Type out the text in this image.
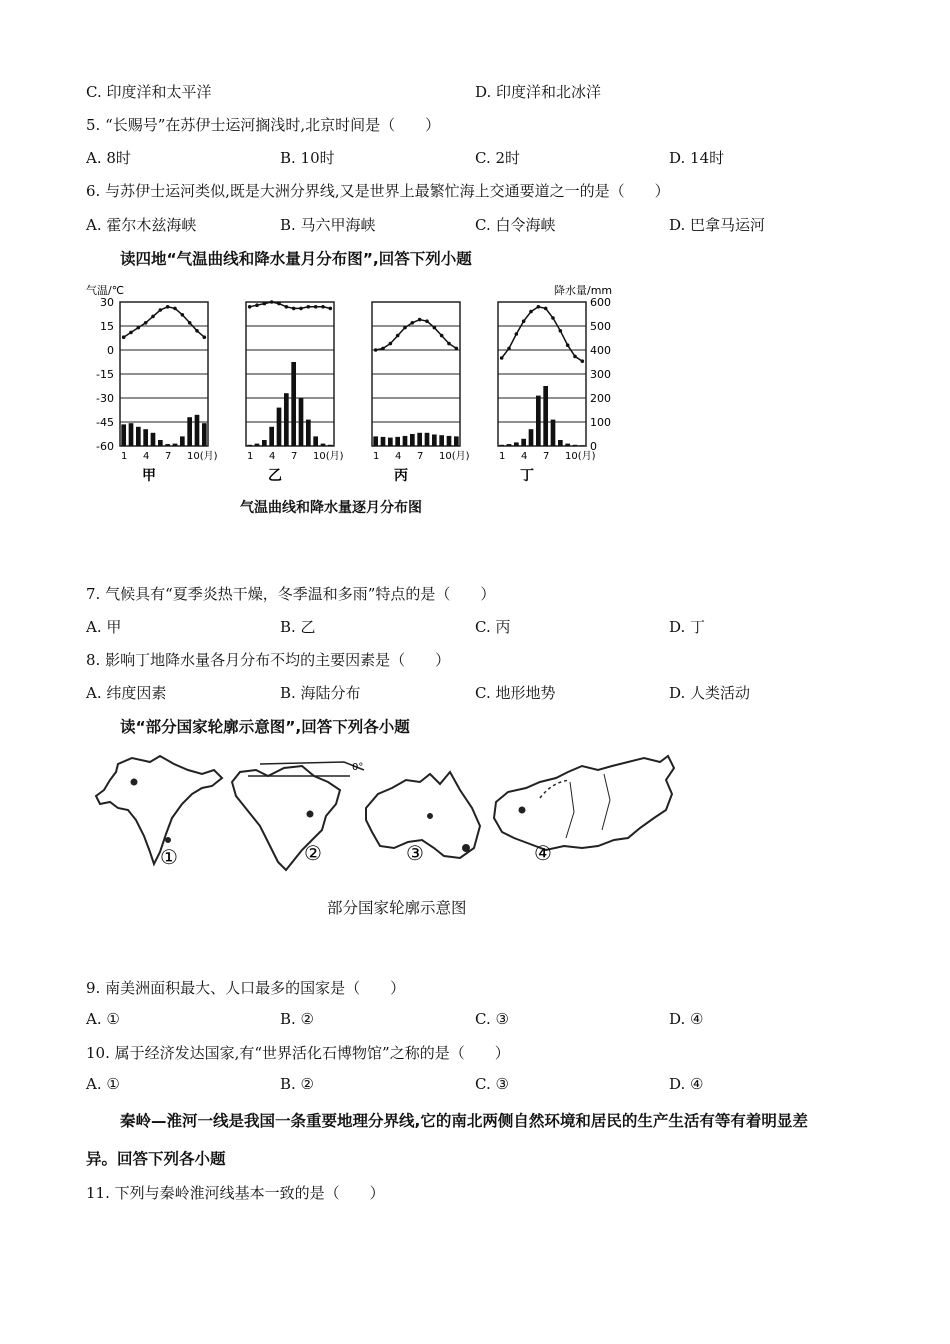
C. 印度洋和太平洋	D. 印度洋和北冰洋
5. “长赐号”在苏伊士运河搁浅时,北京时间是（　　）
A. 8时	B. 10时	C. 2时	D. 14时
6. 与苏伊士运河类似,既是大洲分界线,又是世界上最繁忙海上交通要道之一的是（　　）
A. 霍尔木兹海峡	B. 马六甲海峡	C. 白令海峡	D. 巴拿马运河
读四地“气温曲线和降水量月分布图”,回答下列小题
气温/℃	降水量/mm
30
15
0
-15
-30
-45
-60
600
500
400
300
200
100
0
1 4 7 10(月)
甲
1 4 7 10(月)
乙
1 4 7 10(月)
丙
1 4 7 10(月)
丁
气温曲线和降水量逐月分布图
7. 气候具有“夏季炎热干燥，冬季温和多雨”特点的是（　　）
A. 甲	B. 乙	C. 丙	D. 丁
8. 影响丁地降水量各月分布不均的主要因素是（　　）
A. 纬度因素	B. 海陆分布	C. 地形地势	D. 人类活动
读“部分国家轮廓示意图”,回答下列各小题
①
0°
②	③	④
部分国家轮廓示意图
9. 南美洲面积最大、人口最多的国家是（　　）
A. ①	B. ②	C. ③	D. ④
10. 属于经济发达国家,有“世界活化石博物馆”之称的是（　　）
A. ①	B. ②	C. ③	D. ④
秦岭—淮河一线是我国一条重要地理分界线,它的南北两侧自然环境和居民的生产生活有等有着明显差
异。回答下列各小题
11. 下列与秦岭淮河线基本一致的是（　　）
